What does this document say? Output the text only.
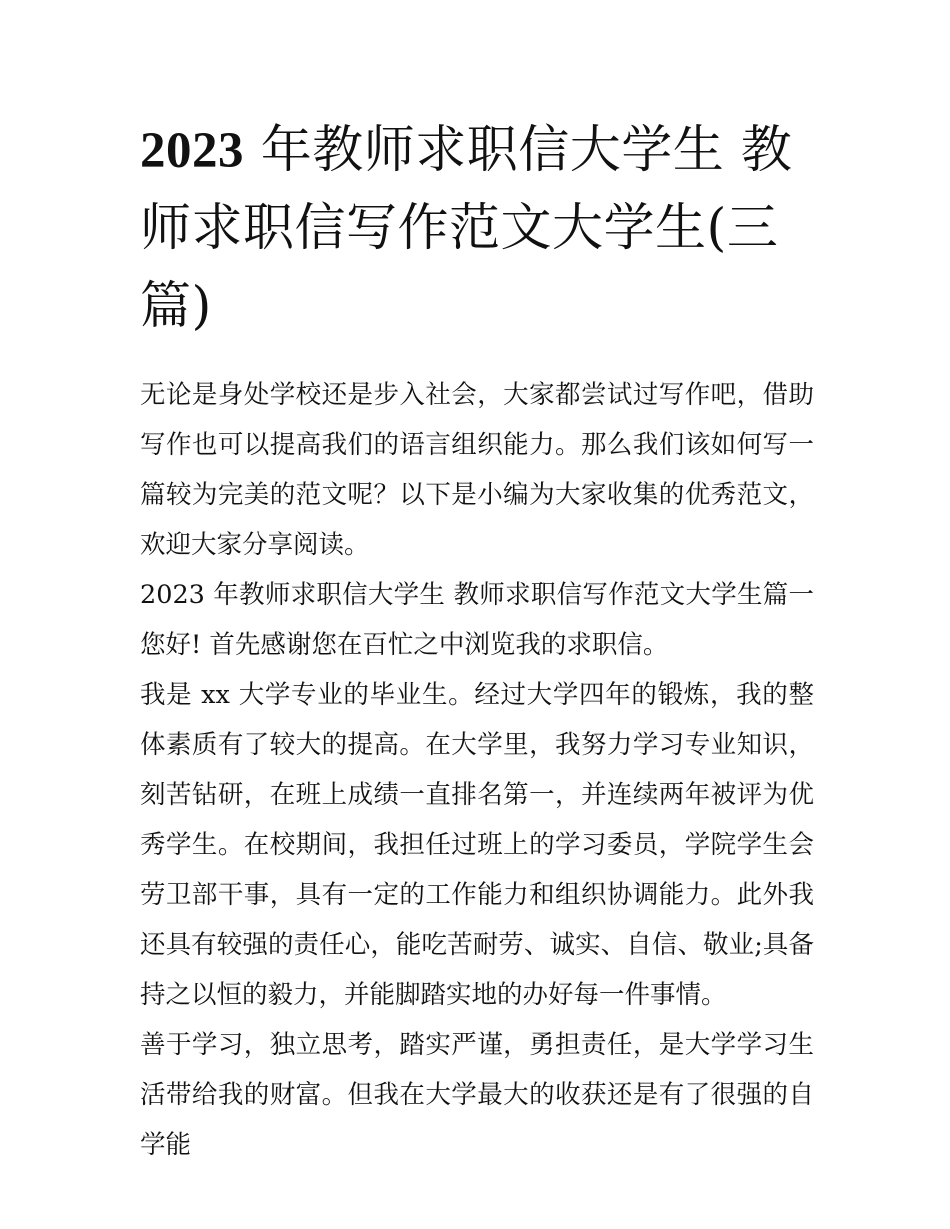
2023 年教师求职信大学生 教师求职信写作范文大学生(三篇)

无论是身处学校还是步入社会，大家都尝试过写作吧，借助写作也可以提高我们的语言组织能力。那么我们该如何写一篇较为完美的范文呢？以下是小编为大家收集的优秀范文，欢迎大家分享阅读。

2023 年教师求职信大学生 教师求职信写作范文大学生篇一 您好! 首先感谢您在百忙之中浏览我的求职信。

我是 xx 大学专业的毕业生。经过大学四年的锻炼，我的整体素质有了较大的提高。在大学里，我努力学习专业知识，刻苦钻研，在班上成绩一直排名第一，并连续两年被评为优秀学生。在校期间，我担任过班上的学习委员，学院学生会劳卫部干事，具有一定的工作能力和组织协调能力。此外我还具有较强的责任心，能吃苦耐劳、诚实、自信、敬业;具备持之以恒的毅力，并能脚踏实地的办好每一件事情。

善于学习，独立思考，踏实严谨，勇担责任，是大学学习生活带给我的财富。但我在大学最大的收获还是有了很强的自学能
